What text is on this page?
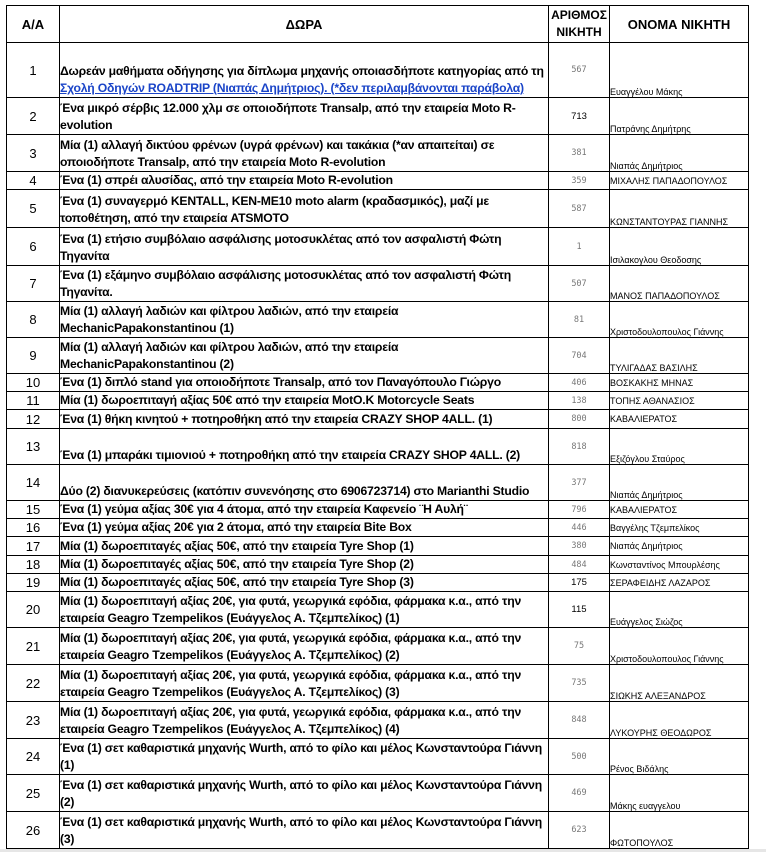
Α/Α	ΔΩΡΑ	ΑΡΙΘΜΟΣ
ΝΙΚΗΤΗ	ΟΝΟΜΑ ΝΙΚΗΤΗ
1	Δωρεάν μαθήματα οδήγησης για δίπλωμα μηχανής οποιασδήποτε κατηγορίας από τη Σχολή Οδηγών ROADTRIP (Νιαπάς Δημήτριος). (*δεν περιλαμβάνονται παράβολα)	567	Ευαγγέλου Μάκης
2	Ένα μικρό σέρβις 12.000 χλμ σε οποιοδήποτε Transalp, από την εταιρεία Moto R-evolution	713	Πατράνης Δημήτρης
3	Μία (1) αλλαγή δικτύου φρένων (υγρά φρένων) και τακάκια (*αν απαιτείται) σε οποιοδήποτε Transalp, από την εταιρεία Moto R-evolution	381	Νιαπάς Δημήτριος
4	Ένα (1) σπρέι αλυσίδας, από την εταιρεία Moto R-evolution	359	ΜΙΧΑΛΗΣ ΠΑΠΑΔΟΠΟΥΛΟΣ
5	Ένα (1) συναγερμό KENTALL, KEN-ME10 moto alarm (κραδασμικός), μαζί με τοποθέτηση, από την εταιρεία ATSMOTO	587	ΚΩΝΣΤΑΝΤΟΥΡΑΣ ΓΙΑΝΝΗΣ
6	Ένα (1) ετήσιο συμβόλαιο ασφάλισης μοτοσυκλέτας από τον ασφαλιστή Φώτη Τηγανίτα	1	Ισιλακογλου Θεοδοσης
7	Ένα (1) εξάμηνο συμβόλαιο ασφάλισης μοτοσυκλέτας από τον ασφαλιστή Φώτη Τηγανίτα.	507	ΜΑΝΟΣ ΠΑΠΑΔΟΠΟΥΛΟΣ
8	Μία (1) αλλαγή λαδιών και φίλτρου λαδιών, από την εταιρεία MechanicPapakonstantinou (1)	81	Χριστοδουλοπουλος Γιάννης
9	Μία (1) αλλαγή λαδιών και φίλτρου λαδιών, από την εταιρεία MechanicPapakonstantinou (2)	704	ΤΥΛΙΓΑΔΑΣ ΒΑΣΙΛΗΣ
10	Ένα (1) διπλό stand για οποιοδήποτε Transalp, από τον Παναγόπουλο Γιώργο	406	ΒΟΣΚΑΚΗΣ ΜΗΝΑΣ
11	Μία (1) δωροεπιταγή αξίας 50€ από την εταιρεία MotO.K Motorcycle Seats	138	ΤΟΠΗΣ ΑΘΑΝΑΣΙΟΣ
12	Ένα (1) θήκη κινητού + ποτηροθήκη από την εταιρεία CRAZY SHOP 4ALL. (1)	800	ΚΑΒΑΛΙΕΡΑΤΟΣ
13	Ένα (1) μπαράκι τιμιονιού + ποτηροθήκη από την εταιρεία CRAZY SHOP 4ALL. (2)	818	Εξιζόγλου Σταύρος
14	Δύο (2) διανυκερεύσεις (κατόπιν συνενόησης στο 6906723714) στο Marianthi Studio	377	Νιαπάς Δημήτριος
15	Ένα (1) γεύμα αξίας 30€ για 4 άτομα, από την εταιρεία Καφενείο ¨Η Αυλή¨	796	ΚΑΒΑΛΙΕΡΑΤΟΣ
16	Ένα (1) γεύμα αξίας 20€ για 2 άτομα, από την εταιρεία Bite Box	446	Βαγγέλης Τζεμπελίκος
17	Μία (1) δωροεπιταγές αξίας 50€, από την εταιρεία Tyre Shop (1)	380	Νιαπάς Δημήτριος
18	Μία (1) δωροεπιταγές αξίας 50€, από την εταιρεία Tyre Shop (2)	484	Κωνσταντίνος Μπουρλέσης
19	Μία (1) δωροεπιταγές αξίας 50€, από την εταιρεία Tyre Shop (3)	175	ΣΕΡΑΦΕΙΔΗΣ ΛΑΖΑΡΟΣ
20	Μία (1) δωροεπιταγή αξίας 20€, για φυτά, γεωργικά εφόδια, φάρμακα κ.α., από την εταιρεία Geagro Tzempelikos (Ευάγγελος Α. Τζεμπελίκος) (1)	115	Ευάγγελος Σιώζος
21	Μία (1) δωροεπιταγή αξίας 20€, για φυτά, γεωργικά εφόδια, φάρμακα κ.α., από την εταιρεία Geagro Tzempelikos (Ευάγγελος Α. Τζεμπελίκος) (2)	75	Χριστοδουλοπουλος Γιάννης
22	Μία (1) δωροεπιταγή αξίας 20€, για φυτά, γεωργικά εφόδια, φάρμακα κ.α., από την εταιρεία Geagro Tzempelikos (Ευάγγελος Α. Τζεμπελίκος) (3)	735	ΣΙΩΚΗΣ ΑΛΕΞΑΝΔΡΟΣ
23	Μία (1) δωροεπιταγή αξίας 20€, για φυτά, γεωργικά εφόδια, φάρμακα κ.α., από την εταιρεία Geagro Tzempelikos (Ευάγγελος Α. Τζεμπελίκος) (4)	848	ΛΥΚΟΥΡΗΣ ΘΕΟΔΩΡΟΣ
24	Ένα (1) σετ καθαριστικά μηχανής Wurth, από το φίλο και μέλος Κωνσταντούρα Γιάννη (1)	500	Ρένος Βιδάλης
25	Ένα (1) σετ καθαριστικά μηχανής Wurth, από το φίλο και μέλος Κωνσταντούρα Γιάννη (2)	469	Μάκης ευαγγελου
26	Ένα (1) σετ καθαριστικά μηχανής Wurth, από το φίλο και μέλος Κωνσταντούρα Γιάννη (3)	623	ΦΩΤΟΠΟΥΛΟΣ
